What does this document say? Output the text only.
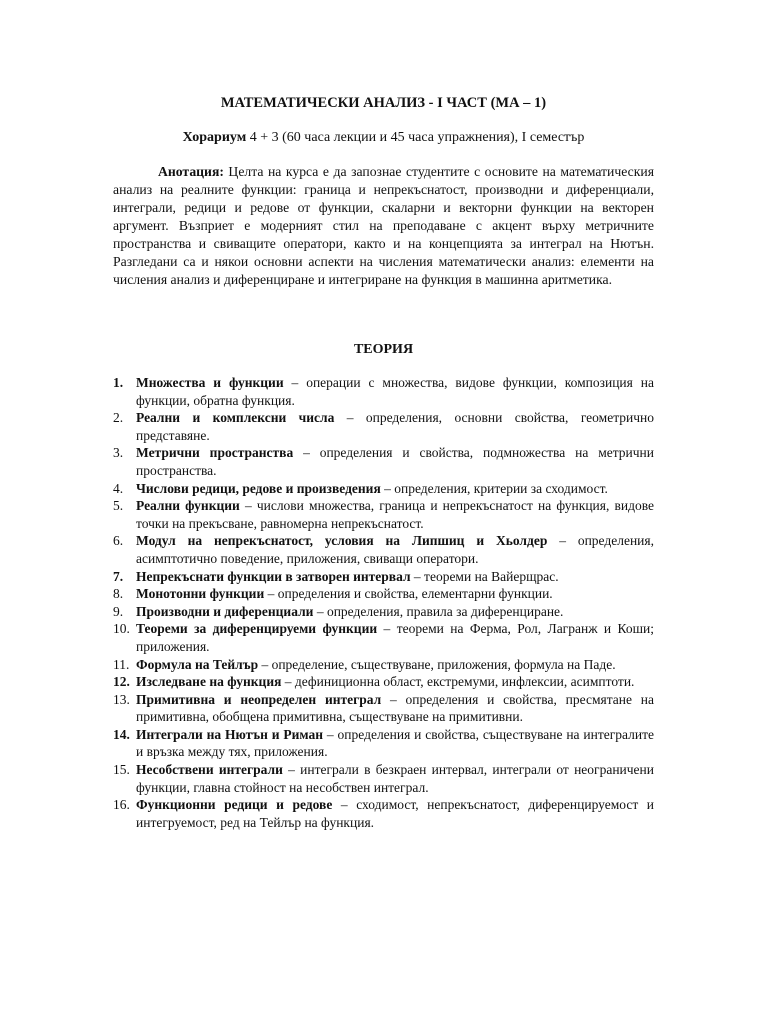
МАТЕМАТИЧЕСКИ АНАЛИЗ - I ЧАСТ (МА – 1)
Хорариум 4 + 3 (60 часа лекции и 45 часа упражнения), I семестър
Анотация: Целта на курса е да запознае студентите с основите на математическия анализ на реалните функции: граница и непрекъснатост, производни и диференциали, интеграли, редици и редове от функции, скаларни и векторни функции на векторен аргумент. Възприет е модерният стил на преподаване с акцент върху метричните пространства и свиващите оператори, както и на концепцията за интеграл на Нютън. Разгледани са и някои основни аспекти на числения математически анализ: елементи на числения анализ и диференциране и интегриране на функция в машинна аритметика.
ТЕОРИЯ
1. Множества и функции – операции с множества, видове функции, композиция на функции, обратна функция.
2. Реални и комплексни числа – определения, основни свойства, геометрично представяне.
3. Метрични пространства – определения и свойства, подмножества на метрични пространства.
4. Числови редици, редове и произведения – определения, критерии за сходимост.
5. Реални функции – числови множества, граница и непрекъснатост на функция, видове точки на прекъсване, равномерна непрекъснатост.
6. Модул на непрекъснатост, условия на Липшиц и Хьолдер – определения, асимптотично поведение, приложения, свиващи оператори.
7. Непрекъснати функции в затворен интервал – теореми на Вайерщрас.
8. Монотонни функции – определения и свойства, елементарни функции.
9. Производни и диференциали – определения, правила за диференциране.
10. Теореми за диференцируеми функции – теореми на Ферма, Рол, Лагранж и Коши; приложения.
11. Формула на Тейлър – определение, съществуване, приложения, формула на Паде.
12. Изследване на функция – дефиниционна област, екстремуми, инфлексии, асимптоти.
13. Примитивна и неопределен интеграл – определения и свойства, пресмятане на примитивна, обобщена примитивна, съществуване на примитивни.
14. Интеграли на Нютън и Риман – определения и свойства, съществуване на интегралите и връзка между тях, приложения.
15. Несобствени интеграли – интеграли в безкраен интервал, интеграли от неограничени функции, главна стойност на несобствен интеграл.
16. Функционни редици и редове – сходимост, непрекъснатост, диференцируемост и интегруемост, ред на Тейлър на функция.
